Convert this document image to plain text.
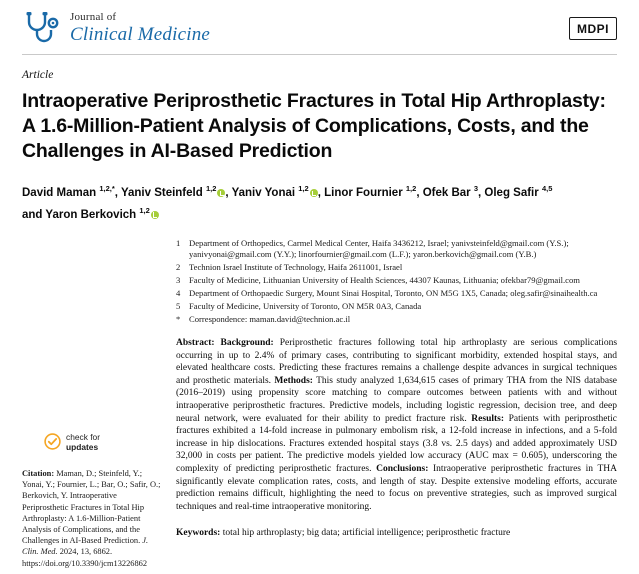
Journal of
Clinical Medicine	MDPI
Article
Intraoperative Periprosthetic Fractures in Total Hip Arthroplasty: A 1.6-Million-Patient Analysis of Complications, Costs, and the Challenges in AI-Based Prediction
David Maman $^{1,2,*}$, Yaniv Steinfeld $^{1,2}$ , Yaniv Yonai $^{1,2}$ , Linor Fournier $^{1,2}$, Ofek Bar $^3$, Oleg Safir $^{4,5}$
and Yaron Berkovich $^{1,2}$
1	Department of Orthopedics, Carmel Medical Center, Haifa 3436212, Israel; yanivsteinfeld@gmail.com (Y.S.); yanivyonai@gmail.com (Y.Y.); linorfournier@gmail.com (L.F.); yaron.berkovich@gmail.com (Y.B.)
2	Technion Israel Institute of Technology, Haifa 2611001, Israel
3	Faculty of Medicine, Lithuanian University of Health Sciences, 44307 Kaunas, Lithuania; ofekbar79@gmail.com
4	Department of Orthopaedic Surgery, Mount Sinai Hospital, Toronto, ON M5G 1X5, Canada; oleg.safir@sinaihealth.ca
5	Faculty of Medicine, University of Toronto, ON M5R 0A3, Canada
*	Correspondence: maman.david@technion.ac.il
check for
updates
Citation: Maman, D.; Steinfeld, Y.; Yonai, Y.; Fournier, L.; Bar, O.; Safir, O.; Berkovich, Y. Intraoperative Periprosthetic Fractures in Total Hip Arthroplasty: A 1.6-Million-Patient Analysis of Complications, and the Challenges in AI-Based Prediction. J. Clin. Med. 2024, 13, 6862. https://doi.org/10.3390/jcm13226862
Abstract: Background: Periprosthetic fractures following total hip arthroplasty are serious complications occurring in up to 2.4% of primary cases, contributing to significant morbidity, extended hospital stays, and elevated healthcare costs. Predicting these fractures remains a challenge despite advances in surgical techniques and prosthetic materials. Methods: This study analyzed 1,634,615 cases of primary THA from the NIS database (2016–2019) using propensity score matching to compare outcomes between patients with and without intraoperative periprosthetic fractures. Predictive models, including logistic regression, decision tree, and deep neural network, were evaluated for their ability to predict fracture risk. Results: Patients with periprosthetic fractures exhibited a 14-fold increase in pulmonary embolism risk, a 12-fold increase in infections, and a 5-fold increase in hip dislocations. Fractures extended hospital stays (3.8 vs. 2.5 days) and added approximately USD 32,000 in costs per patient. The predictive models yielded low accuracy (AUC max = 0.605), underscoring the complexity of predicting periprosthetic fractures. Conclusions: Intraoperative periprosthetic fractures in THA significantly elevate complication rates, costs, and length of stay. Despite extensive modeling efforts, accurate prediction remains difficult, highlighting the need to focus on preventive strategies, such as improved surgical techniques and real-time intraoperative monitoring.
Keywords: total hip arthroplasty; big data; artificial intelligence; periprosthetic fracture
